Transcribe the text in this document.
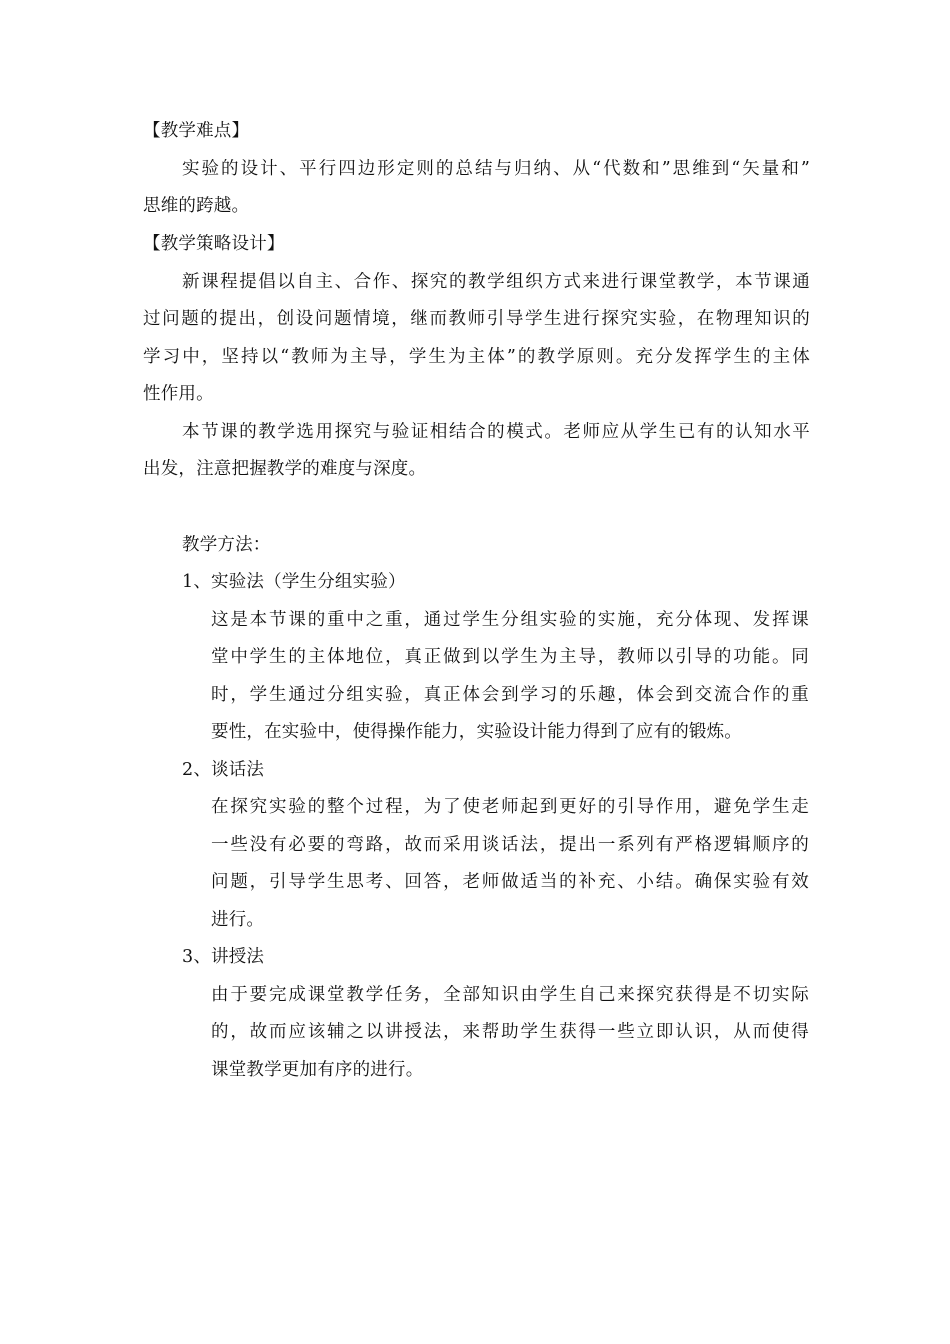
【教学难点】
实验的设计、平行四边形定则的总结与归纳、从“代数和”思维到“矢量和”
思维的跨越。
【教学策略设计】
新课程提倡以自主、合作、探究的教学组织方式来进行课堂教学，本节课通
过问题的提出，创设问题情境，继而教师引导学生进行探究实验，在物理知识的
学习中，坚持以“教师为主导，学生为主体”的教学原则。充分发挥学生的主体
性作用。
本节课的教学选用探究与验证相结合的模式。老师应从学生已有的认知水平
出发，注意把握教学的难度与深度。
教学方法：
1、实验法（学生分组实验）
这是本节课的重中之重，通过学生分组实验的实施，充分体现、发挥课
堂中学生的主体地位，真正做到以学生为主导，教师以引导的功能。同
时，学生通过分组实验，真正体会到学习的乐趣，体会到交流合作的重
要性，在实验中，使得操作能力，实验设计能力得到了应有的锻炼。
2、谈话法
在探究实验的整个过程，为了使老师起到更好的引导作用，避免学生走
一些没有必要的弯路，故而采用谈话法，提出一系列有严格逻辑顺序的
问题，引导学生思考、回答，老师做适当的补充、小结。确保实验有效
进行。
3、讲授法
由于要完成课堂教学任务，全部知识由学生自己来探究获得是不切实际
的，故而应该辅之以讲授法，来帮助学生获得一些立即认识，从而使得
课堂教学更加有序的进行。
